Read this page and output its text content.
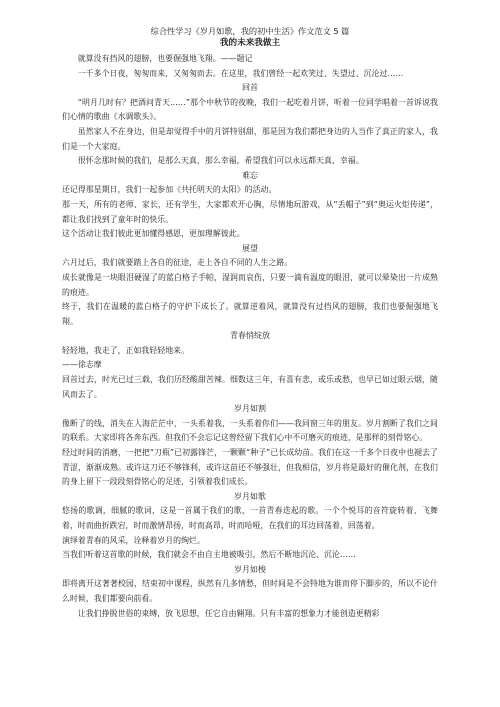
综合性学习《岁月如歌，我的初中生活》作文范文 5 篇

我的未来我做主

就算没有挡风的翅膀，也要倔强地飞翔。——题记

一千多个日夜，匆匆而来，又匆匆而去。在这里，我们曾经一起欢笑过、失望过、沉沦过……

回首

“明月几时有？把酒问青天……”那个中秋节的夜晚，我们一起吃着月饼，听着一位同学唱着一首诉说我们心情的歌曲《水调歌头》。

虽然家人不在身边，但是却觉得手中的月饼特别甜，那是因为我们都把身边的人当作了真正的家人，我们是一个大家庭。

很怀念那时候的我们，是那么天真，那么幸福，希望我们可以永远都天真、幸福。

难忘

还记得那星期日，我们一起参加《共托明天的太阳》的活动。

那一天，所有的老师、家长，还有学生，大家都欢开心胸，尽情地玩游戏，从“丢帽子”到“奥运火炬传递”，都让我们找到了童年时的快乐。

这个活动让我们彼此更加懂得感恩，更加理解彼此。

展望

六月过后，我们就要踏上各自的征途，走上各自不同的人生之路。

成长就像是一块眼泪硬湿了的蓝白格子手帕，湿润而哀伤，只要一滴有温度的眼泪，就可以晕染出一片成熟的痕迹。

终于，我们在温暖的蓝白格子的守护下成长了。就算逆着风，就算没有过挡风的翅膀，我们也要倔强地飞翔。

青春悄绽放

轻轻地，我走了，正如我轻轻地来。

——徐志摩

回首过去，时光已过三载，我们历经酸甜苦辣。细数这三年，有喜有悲，或乐或愁，也早已如过眼云烟，随风而去了。

岁月如割

像断了的线，消失在人海茫茫中，一头系着我，一头系着你们——我同窗三年的朋友。岁月割断了我们之间的联系。大家即将各奔东西。但我们不会忘记这曾经留下我们心中不可磨灭的痕迹，是那样的刻骨铭心。

经过时间的消磨，一把把“刀瓶”已初露锋芒，一颗颗“种子”已长成幼苗。我们在这一千多个日夜中也褪去了青涩，渐渐成熟。或许这刀还不够锋利，或许这苗还不够强壮，但我相信，岁月将是最好的催化剂，在我们的身上留下一段段刻骨铭心的足迹，引领着我们成长。

岁月如歌

悠扬的歌调，细腻的歌词，这是一首属于我们的歌，一首青春迭起的歌。一个个悦耳的音符旋转着、飞舞着，时而曲折跌宕，时而激情昂扬，时而高昂，时而哈哑，在我们的耳边回荡着，回荡着。

演绎着青春的风采，诠释着岁月的绚烂。

当我们听着这首歌的时候，我们就会不由自主地被吸引，然后不断地沉沦、沉沦……

岁月如梭

即将离开这著著校园，结束初中课程，纵然有几多情愁，但时间是不会特地为谁而停下脚步的，所以不论什么时候，我们都要向前看。

让我们挣脱世俗的束缚，放飞思想，任它自由翱翔。只有丰富的想象力才能创造更精彩
